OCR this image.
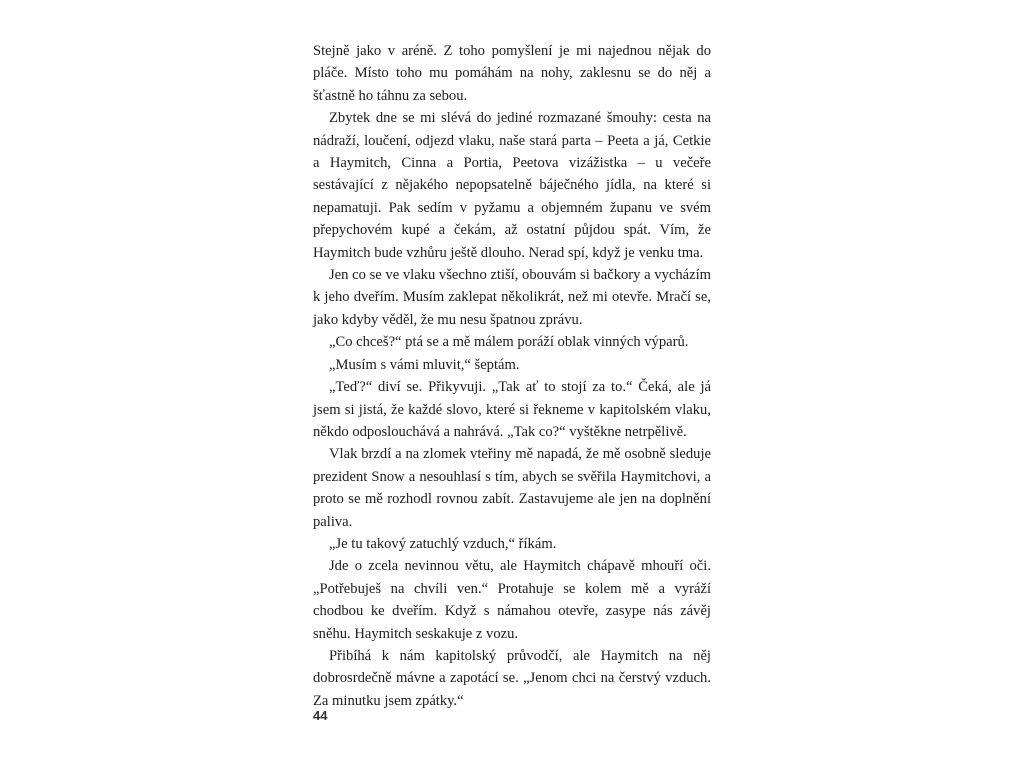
Stejně jako v aréně. Z toho pomyšlení je mi najednou nějak do pláče. Místo toho mu pomáhám na nohy, zaklesnu se do něj a šťastně ho táhnu za sebou.

Zbytek dne se mi slévá do jediné rozmazané šmouhy: cesta na nádraží, loučení, odjezd vlaku, naše stará parta – Peeta a já, Cetkie a Haymitch, Cinna a Portia, Peetova vizážistka – u večeře sestávající z nějakého nepopsatelně báječného jídla, na které si nepamatuji. Pak sedím v pyžamu a objemném županu ve svém přepychovém kupé a čekám, až ostatní půjdou spát. Vím, že Haymitch bude vzhůru ještě dlouho. Nerad spí, když je venku tma.

Jen co se ve vlaku všechno ztiší, obouvám si bačkory a vycházím k jeho dveřím. Musím zaklepat několikrát, než mi otevře. Mračí se, jako kdyby věděl, že mu nesu špatnou zprávu.

„Co chceš?“ ptá se a mě málem poráží oblak vinných výparů.

„Musím s vámi mluvit,“ šeptám.

„Teď?“ diví se. Přikyvuji. „Tak ať to stojí za to.“ Čeká, ale já jsem si jistá, že každé slovo, které si řekneme v kapitolském vlaku, někdo odposlouchává a nahrává. „Tak co?“ vyštěkne netrpělivě.

Vlak brzdí a na zlomek vteřiny mě napadá, že mě osobně sleduje prezident Snow a nesouhlasí s tím, abych se svěřila Haymitchovi, a proto se mě rozhodl rovnou zabít. Zastavujeme ale jen na doplnění paliva.

„Je tu takový zatuchlý vzduch,“ říkám.

Jde o zcela nevinnou větu, ale Haymitch chápavě mhouří oči. „Potřebuješ na chvíli ven.“ Protahuje se kolem mě a vyráží chodbou ke dveřím. Když s námahou otevře, zasype nás závěj sněhu. Haymitch seskakuje z vozu.

Přibíhá k nám kapitolský průvodčí, ale Haymitch na něj dobrosrdečně mávne a zapotácí se. „Jenom chci na čerstvý vzduch. Za minutku jsem zpátky.“

44
